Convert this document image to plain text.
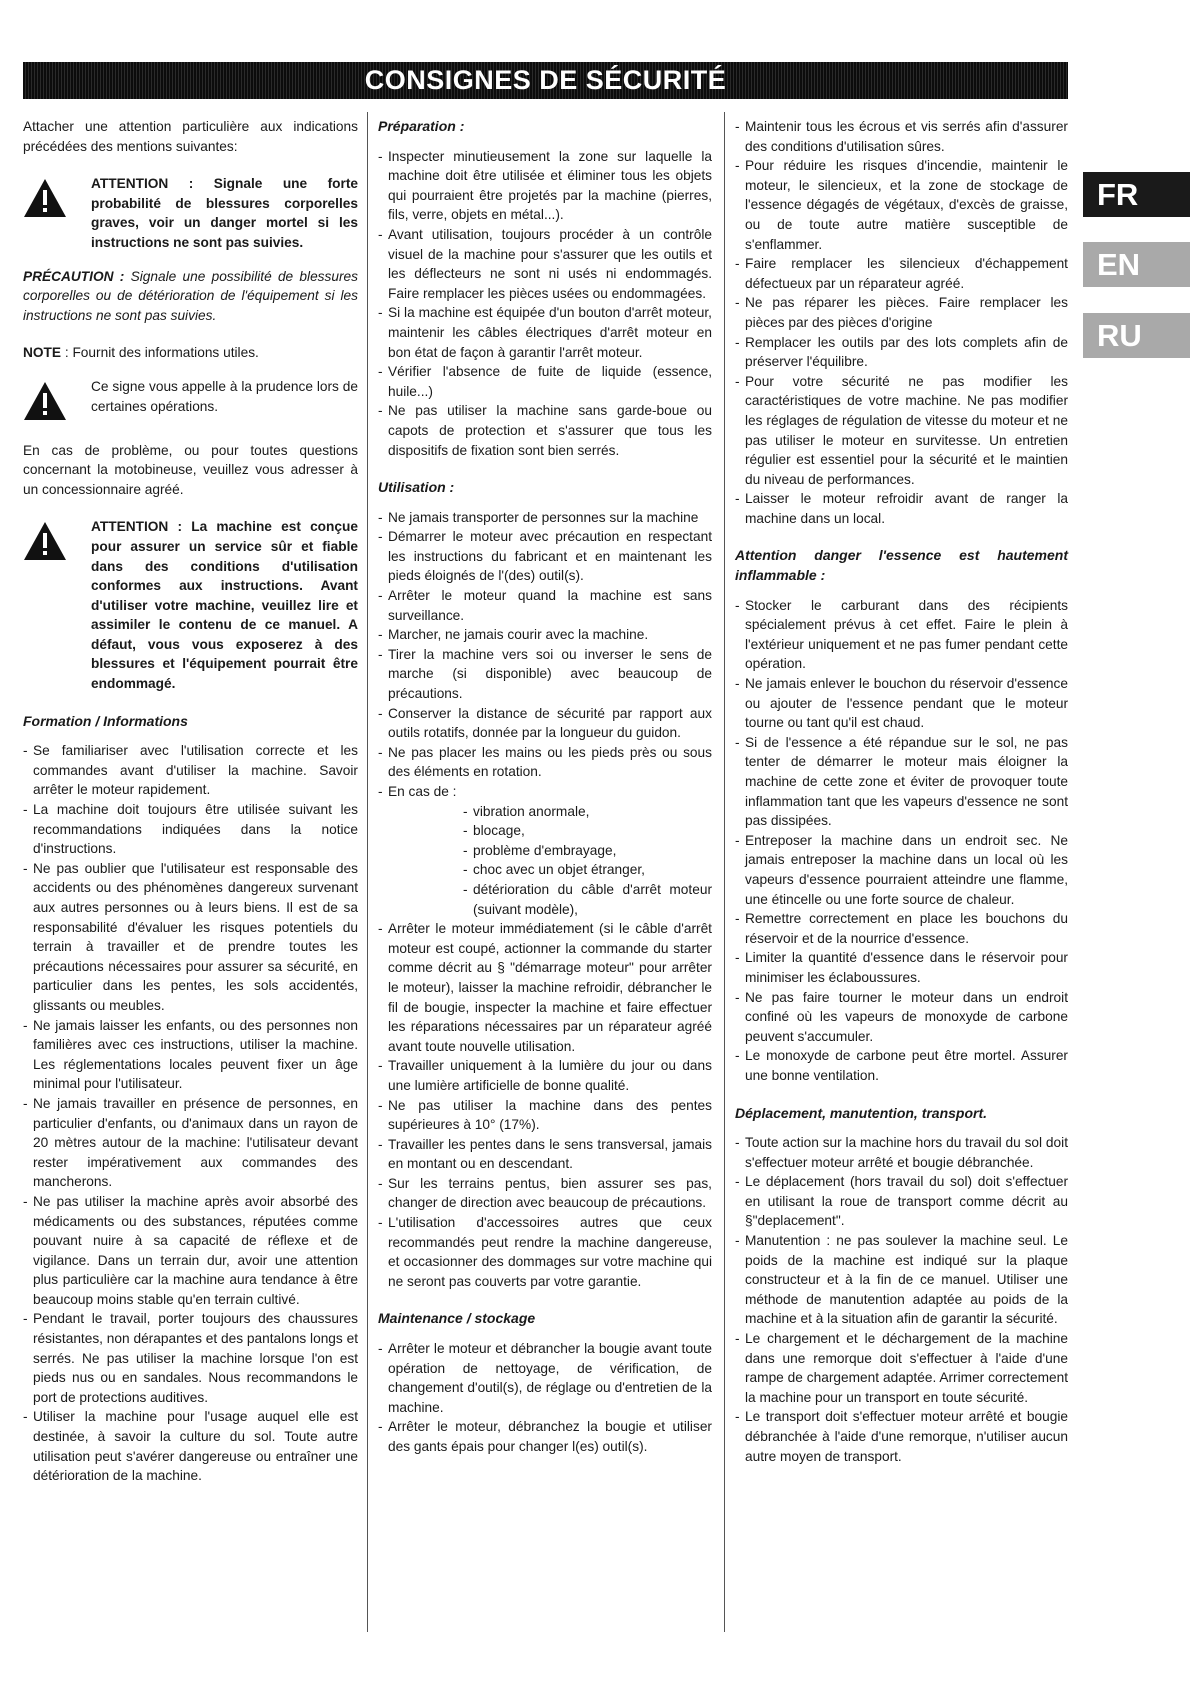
CONSIGNES DE SÉCURITÉ
FR
EN
RU

Attacher une attention particulière aux indications précédées des mentions suivantes:

ATTENTION : Signale une forte probabilité de blessures corporelles graves, voir un danger mortel si les instructions ne sont pas suivies.

PRÉCAUTION : Signale une possibilité de blessures corporelles ou de détérioration de l'équipement si les instructions ne sont pas suivies.

NOTE : Fournit des informations utiles.

Ce signe vous appelle à la prudence lors de certaines opérations.

En cas de problème, ou pour toutes questions concernant la motobineuse, veuillez vous adresser à un concessionnaire agréé.

ATTENTION : La machine est conçue pour assurer un service sûr et fiable dans des conditions d'utilisation conformes aux instructions. Avant d'utiliser votre machine, veuillez lire et assimiler le contenu de ce manuel. A défaut, vous vous exposerez à des blessures et l'équipement pourrait être endommagé.
Formation / Informations
- Se familiariser avec l'utilisation correcte et les commandes avant d'utiliser la machine. Savoir arrêter le moteur rapidement.
- La machine doit toujours être utilisée suivant les recommandations indiquées dans la notice d'instructions.
- Ne pas oublier que l'utilisateur est responsable des accidents ou des phénomènes dangereux survenant aux autres personnes ou à leurs biens. Il est de sa responsabilité d'évaluer les risques potentiels du terrain à travailler et de prendre toutes les précautions nécessaires pour assurer sa sécurité, en particulier dans les pentes, les sols accidentés, glissants ou meubles.
- Ne jamais laisser les enfants, ou des personnes non familières avec ces instructions, utiliser la machine. Les réglementations locales peuvent fixer un âge minimal pour l'utilisateur.
- Ne jamais travailler en présence de personnes, en particulier d'enfants, ou d'animaux dans un rayon de 20 mètres autour de la machine: l'utilisateur devant rester impérativement aux commandes des mancherons.
- Ne pas utiliser la machine après avoir absorbé des médicaments ou des substances, réputées comme pouvant nuire à sa capacité de réflexe et de vigilance. Dans un terrain dur, avoir une attention plus particulière car la machine aura tendance à être beaucoup moins stable qu'en terrain cultivé.
- Pendant le travail, porter toujours des chaussures résistantes, non dérapantes et des pantalons longs et serrés. Ne pas utiliser la machine lorsque l'on est pieds nus ou en sandales. Nous recommandons le port de protections auditives.
- Utiliser la machine pour l'usage auquel elle est destinée, à savoir la culture du sol. Toute autre utilisation peut s'avérer dangereuse ou entraîner une détérioration de la machine.
Préparation :
- Inspecter minutieusement la zone sur laquelle la machine doit être utilisée et éliminer tous les objets qui pourraient être projetés par la machine (pierres, fils, verre, objets en métal...).
- Avant utilisation, toujours procéder à un contrôle visuel de la machine pour s'assurer que les outils et les déflecteurs ne sont ni usés ni endommagés. Faire remplacer les pièces usées ou endommagées.
- Si la machine est équipée d'un bouton d'arrêt moteur, maintenir les câbles électriques d'arrêt moteur en bon état de façon à garantir l'arrêt moteur.
- Vérifier l'absence de fuite de liquide (essence, huile...)
- Ne pas utiliser la machine sans garde-boue ou capots de protection et s'assurer que tous les dispositifs de fixation sont bien serrés.
Utilisation :
- Ne jamais transporter de personnes sur la machine
- Démarrer le moteur avec précaution en respectant les instructions du fabricant et en maintenant les pieds éloignés de l'(des) outil(s).
- Arrêter le moteur quand la machine est sans surveillance.
- Marcher, ne jamais courir avec la machine.
- Tirer la machine vers soi ou inverser le sens de marche (si disponible) avec beaucoup de précautions.
- Conserver la distance de sécurité par rapport aux outils rotatifs, donnée par la longueur du guidon.
- Ne pas placer les mains ou les pieds près ou sous des éléments en rotation.
- En cas de :
- vibration anormale,
- blocage,
- problème d'embrayage,
- choc avec un objet étranger,
- détérioration du câble d'arrêt moteur (suivant modèle),
- Arrêter le moteur immédiatement (si le câble d'arrêt moteur est coupé, actionner la commande du starter comme décrit au § "démarrage moteur" pour arrêter le moteur), laisser la machine refroidir, débrancher le fil de bougie, inspecter la machine et faire effectuer les réparations nécessaires par un réparateur agréé avant toute nouvelle utilisation.
- Travailler uniquement à la lumière du jour ou dans une lumière artificielle de bonne qualité.
- Ne pas utiliser la machine dans des pentes supérieures à 10° (17%).
- Travailler les pentes dans le sens transversal, jamais en montant ou en descendant.
- Sur les terrains pentus, bien assurer ses pas, changer de direction avec beaucoup de précautions.
- L'utilisation d'accessoires autres que ceux recommandés peut rendre la machine dangereuse, et occasionner des dommages sur votre machine qui ne seront pas couverts par votre garantie.
Maintenance / stockage
- Arrêter le moteur et débrancher la bougie avant toute opération de nettoyage, de vérification, de changement d'outil(s), de réglage ou d'entretien de la machine.
- Arrêter le moteur, débranchez la bougie et utiliser des gants épais pour changer l(es) outil(s).
- Maintenir tous les écrous et vis serrés afin d'assurer des conditions d'utilisation sûres.
- Pour réduire les risques d'incendie, maintenir le moteur, le silencieux, et la zone de stockage de l'essence dégagés de végétaux, d'excès de graisse, ou de toute autre matière susceptible de s'enflammer.
- Faire remplacer les silencieux d'échappement défectueux par un réparateur agréé.
- Ne pas réparer les pièces. Faire remplacer les pièces par des pièces d'origine
- Remplacer les outils par des lots complets afin de préserver l'équilibre.
- Pour votre sécurité ne pas modifier les caractéristiques de votre machine. Ne pas modifier les réglages de régulation de vitesse du moteur et ne pas utiliser le moteur en survitesse. Un entretien régulier est essentiel pour la sécurité et le maintien du niveau de performances.
- Laisser le moteur refroidir avant de ranger la machine dans un local.
Attention danger l'essence est hautement inflammable :
- Stocker le carburant dans des récipients spécialement prévus à cet effet. Faire le plein à l'extérieur uniquement et ne pas fumer pendant cette opération.
- Ne jamais enlever le bouchon du réservoir d'essence ou ajouter de l'essence pendant que le moteur tourne ou tant qu'il est chaud.
- Si de l'essence a été répandue sur le sol, ne pas tenter de démarrer le moteur mais éloigner la machine de cette zone et éviter de provoquer toute inflammation tant que les vapeurs d'essence ne sont pas dissipées.
- Entreposer la machine dans un endroit sec. Ne jamais entreposer la machine dans un local où les vapeurs d'essence pourraient atteindre une flamme, une étincelle ou une forte source de chaleur.
- Remettre correctement en place les bouchons du réservoir et de la nourrice d'essence.
- Limiter la quantité d'essence dans le réservoir pour minimiser les éclaboussures.
- Ne pas faire tourner le moteur dans un endroit confiné où les vapeurs de monoxyde de carbone peuvent s'accumuler.
- Le monoxyde de carbone peut être mortel. Assurer une bonne ventilation.
Déplacement, manutention, transport.
- Toute action sur la machine hors du travail du sol doit s'effectuer moteur arrêté et bougie débranchée.
- Le déplacement (hors travail du sol) doit s'effectuer en utilisant la roue de transport comme décrit au §"deplacement".
- Manutention : ne pas soulever la machine seul. Le poids de la machine est indiqué sur la plaque constructeur et à la fin de ce manuel. Utiliser une méthode de manutention adaptée au poids de la machine et à la situation afin de garantir la sécurité.
- Le chargement et le déchargement de la machine dans une remorque doit s'effectuer à l'aide d'une rampe de chargement adaptée. Arrimer correctement la machine pour un transport en toute sécurité.
- Le transport doit s'effectuer moteur arrêté et bougie débranchée à l'aide d'une remorque, n'utiliser aucun autre moyen de transport.
